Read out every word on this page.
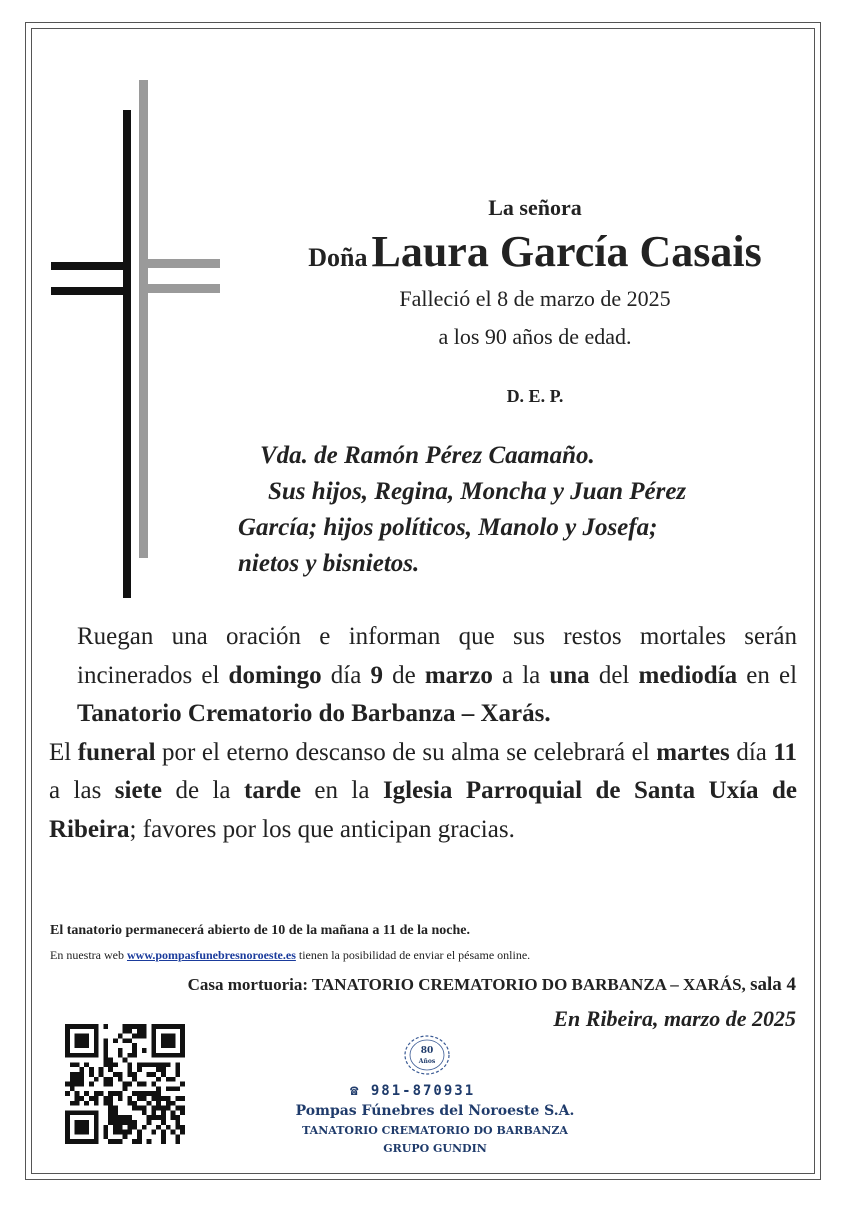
La señora
Doña Laura García Casais
Falleció el 8 de marzo de 2025
a los 90 años de edad.
D. E. P.
Vda. de Ramón Pérez Caamaño.
Sus hijos, Regina, Moncha y Juan Pérez
García; hijos políticos, Manolo y Josefa;
nietos y bisnietos.
Ruegan una oración e informan que sus restos mortales serán incinerados el domingo día 9 de marzo a la una del mediodía en el Tanatorio Crematorio do Barbanza – Xarás.
El funeral por el eterno descanso de su alma se celebrará el martes día 11 a las siete de la tarde en la Iglesia Parroquial de Santa Uxía de Ribeira; favores por los que anticipan gracias.
El tanatorio permanecerá abierto de 10 de la mañana a 11 de la noche.
En nuestra web www.pompasfunebresnoroeste.es tienen la posibilidad de enviar el pésame online.
Casa mortuoria: TANATORIO CREMATORIO DO BARBANZA – XARÁS, sala 4
En Ribeira, marzo de 2025
80
Años
☎ 981-870931
Pompas Fúnebres del Noroeste S.A.
TANATORIO CREMATORIO DO BARBANZA
GRUPO GUNDIN
